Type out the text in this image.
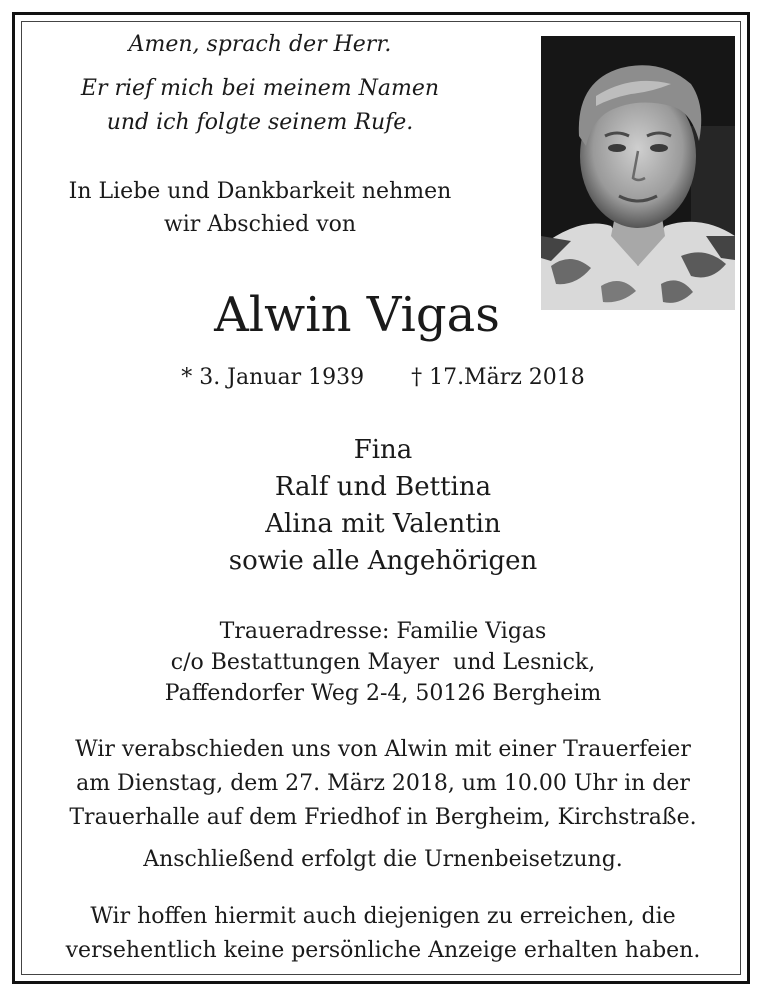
Amen, sprach der Herr.
Er rief mich bei meinem Namen
und ich folgte seinem Rufe.
In Liebe und Dankbarkeit nehmen
wir Abschied von
Alwin Vigas
* 3. Januar 1939 † 17.März 2018
Fina
Ralf und Bettina
Alina mit Valentin
sowie alle Angehörigen
Traueradresse: Familie Vigas
c/o Bestattungen Mayer  und Lesnick,
Paffendorfer Weg 2-4, 50126 Bergheim
Wir verabschieden uns von Alwin mit einer Trauerfeier
am Dienstag, dem 27. März 2018, um 10.00 Uhr in der
Trauerhalle auf dem Friedhof in Bergheim, Kirchstraße.
Anschließend erfolgt die Urnenbeisetzung.
Wir hoffen hiermit auch diejenigen zu erreichen, die
versehentlich keine persönliche Anzeige erhalten haben.
